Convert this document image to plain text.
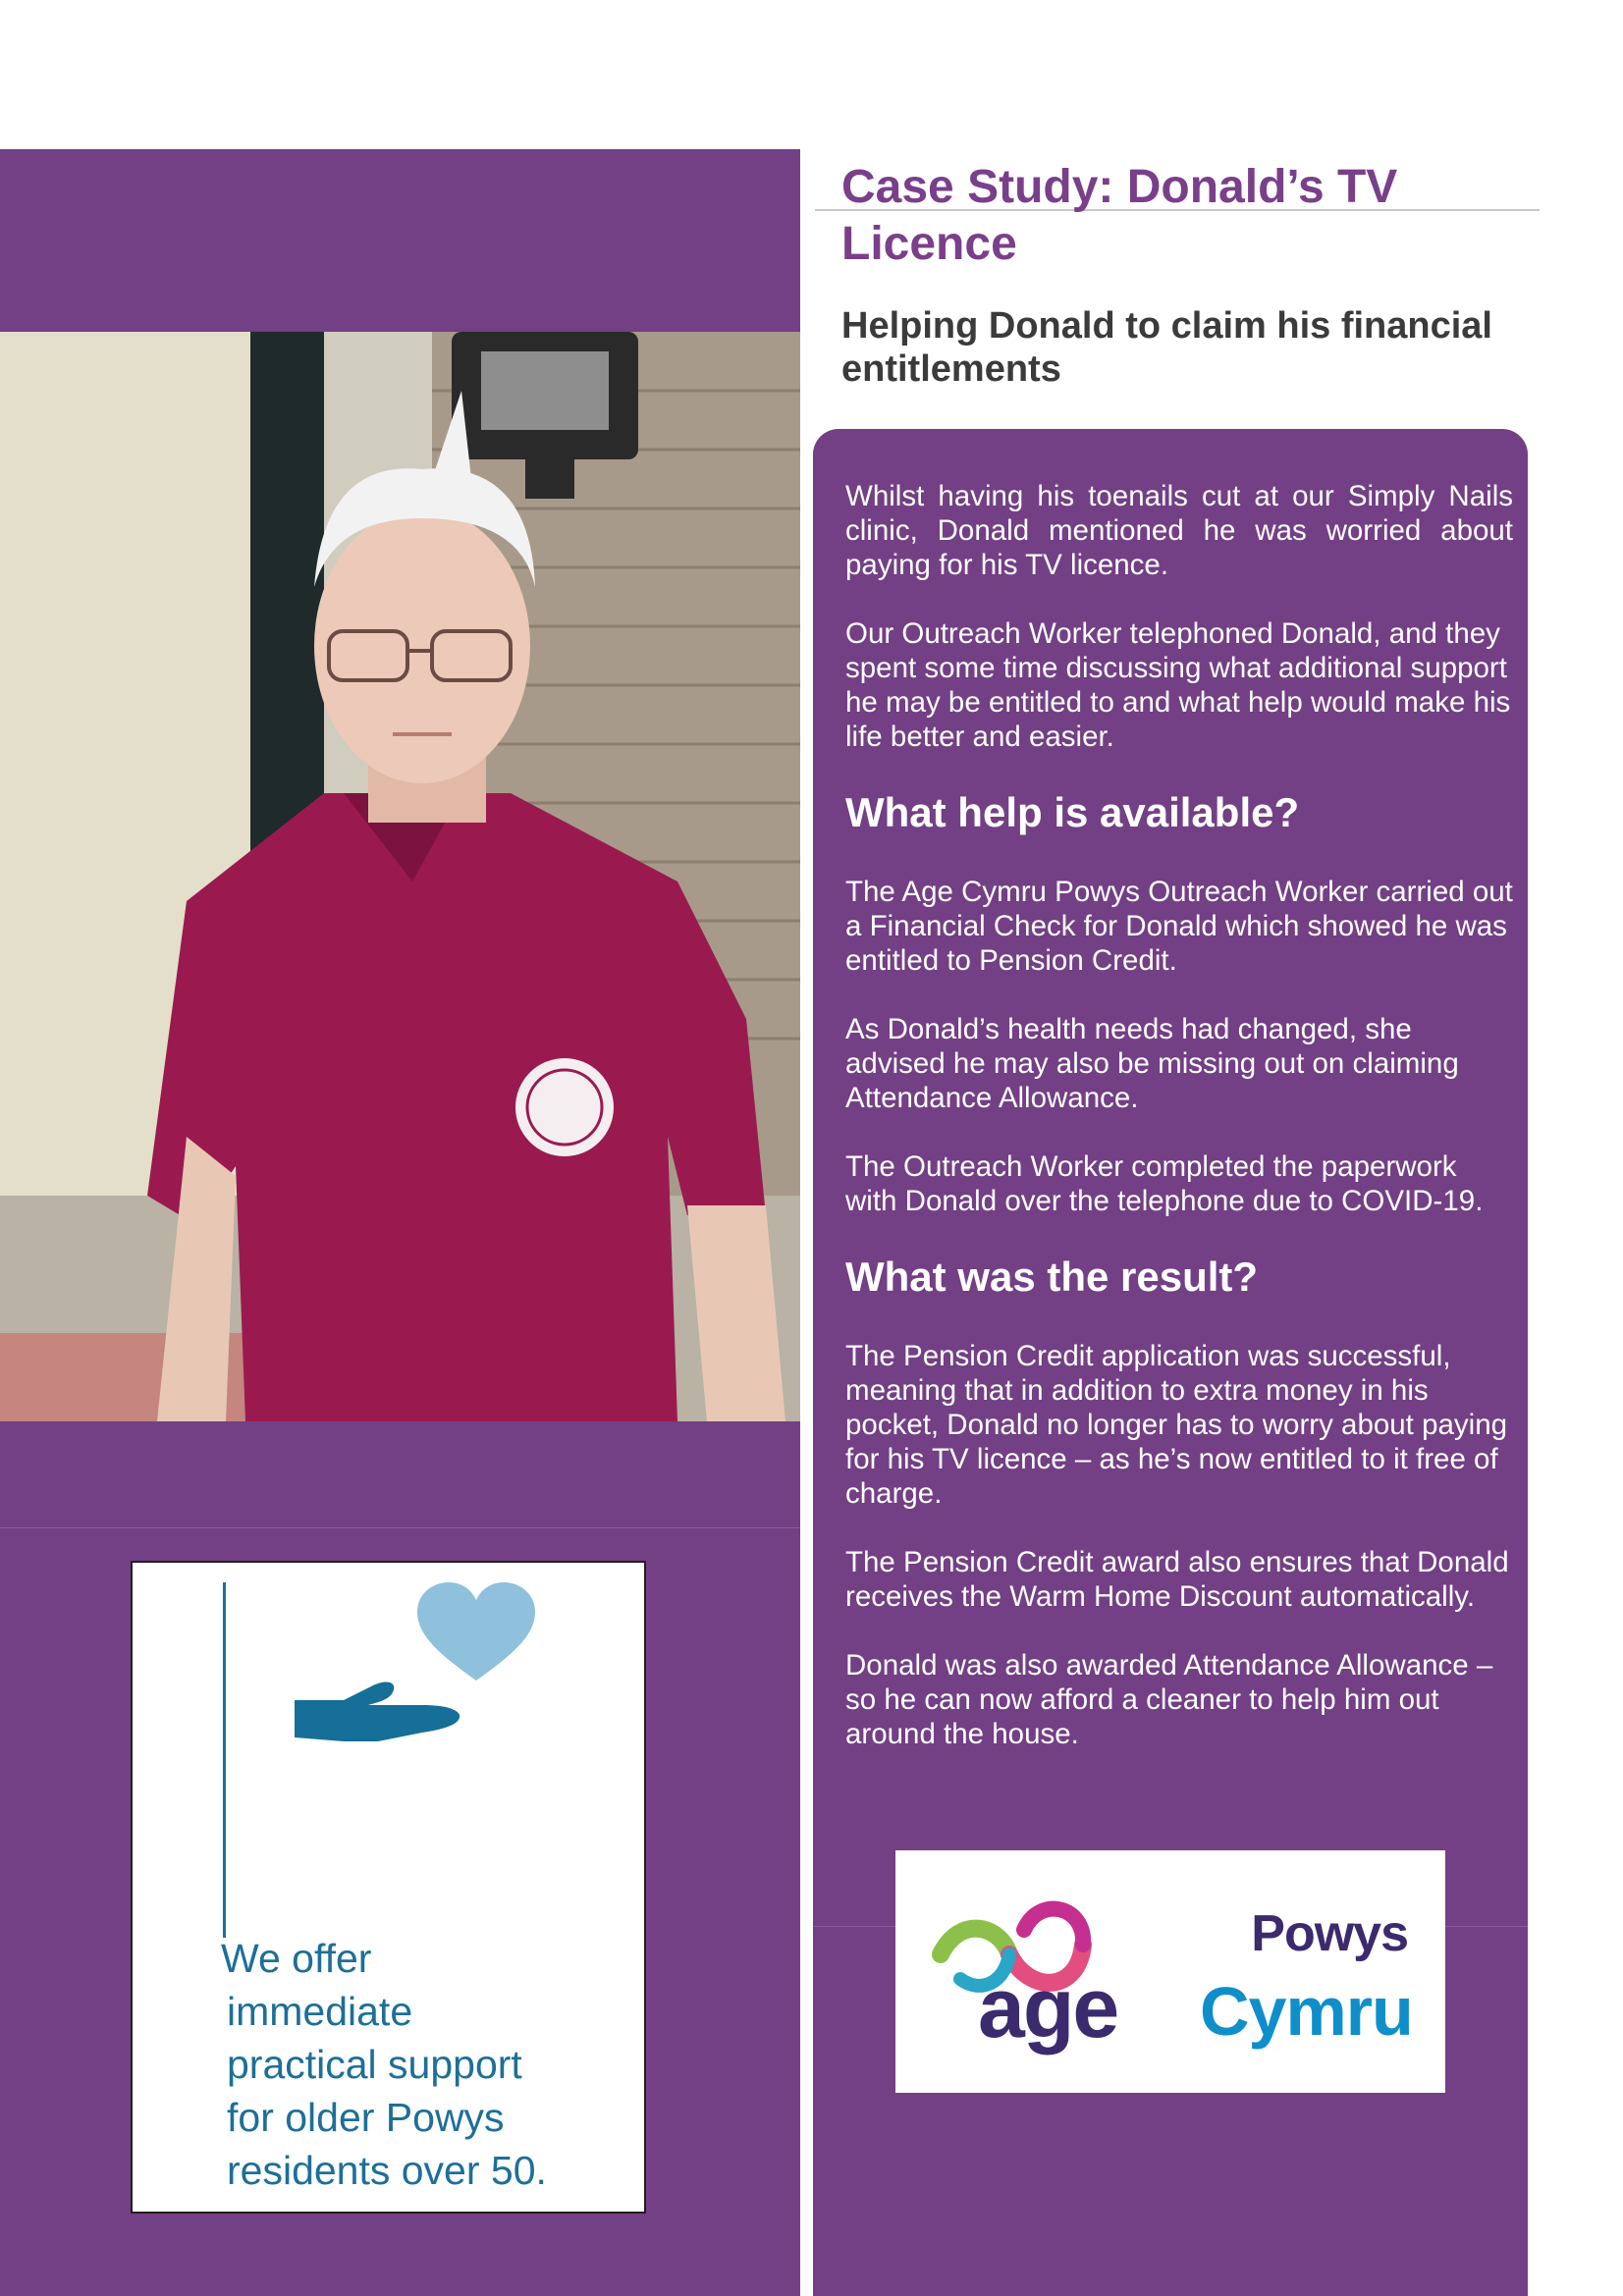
We offer
immediate
practical support
for older Powys
residents over 50.
Case Study: Donald’s TV Licence
Helping Donald to claim his financial entitlements

Whilst having his toenails cut at our Simply Nails clinic, Donald mentioned he was worried about paying for his TV licence.

Our Outreach Worker telephoned Donald, and they spent some time discussing what additional support he may be entitled to and what help would make his life better and easier.

What help is available?

The Age Cymru Powys Outreach Worker carried out a Financial Check for Donald which showed he was entitled to Pension Credit.

As Donald’s health needs had changed, she advised he may also be missing out on claiming Attendance Allowance.

The Outreach Worker completed the paperwork with Donald over the telephone due to COVID-19.

What was the result?

The Pension Credit application was successful, meaning that in addition to extra money in his pocket, Donald no longer has to worry about paying for his TV licence – as he’s now entitled to it free of charge.

The Pension Credit award also ensures that Donald receives the Warm Home Discount automatically.

Donald was also awarded Attendance Allowance – so he can now afford a cleaner to help him out around the house.

Powys
age Cymru
